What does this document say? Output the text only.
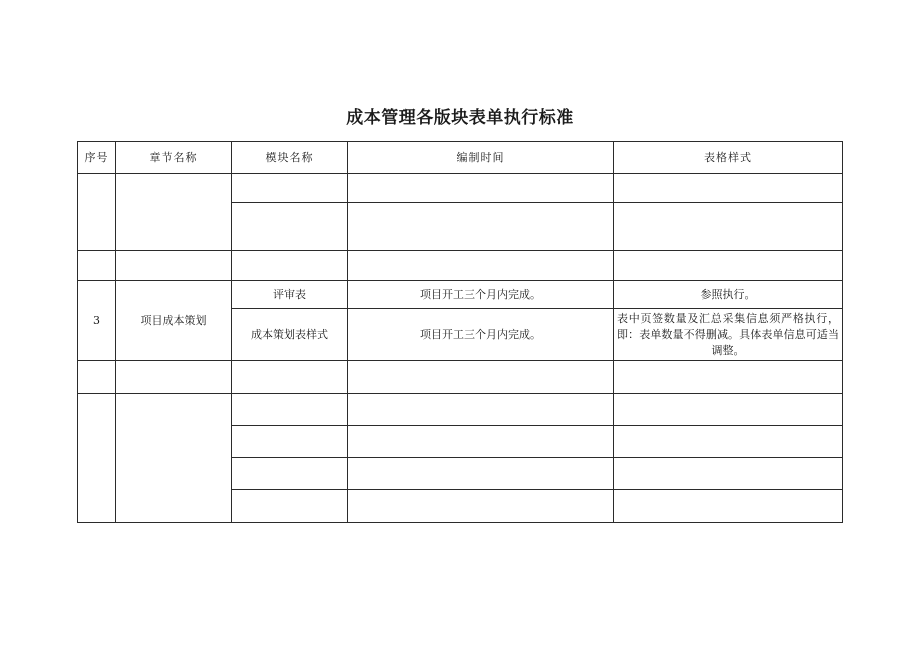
成本管理各版块表单执行标准
序号	章节名称	模块名称	编制时间	表格样式

3	项目成本策划	评审表	项目开工三个月内完成。	参照执行。
		成本策划表样式	项目开工三个月内完成。	表中页签数量及汇总采集信息须严格执行，即：表单数量不得删减。具体表单信息可适当调整。
